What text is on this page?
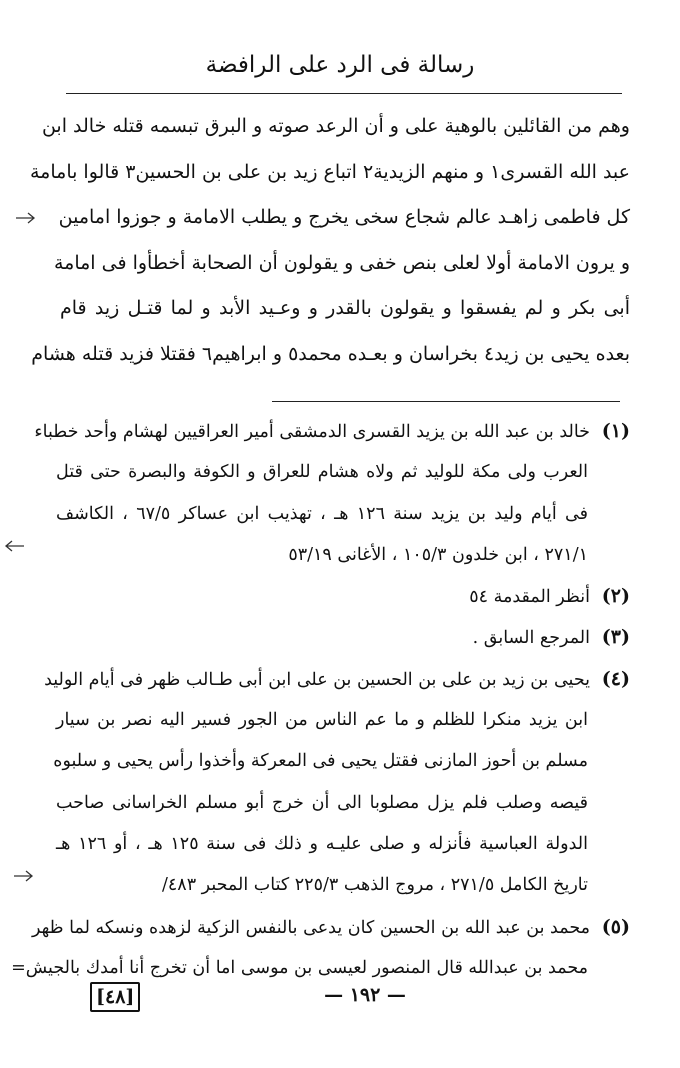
رسالة فى الرد على الرافضة
وهم من القائلين بالوهية على و أن الرعد صوته و البرق تبسمه قتله خالد ابن
عبد الله القسرى١ و منهم الزيدية٢ اتباع زيد بن على بن الحسين٣ قالوا بامامة
كل فاطمى زاهـد عالم شجاع سخى يخرج و يطلب الامامة و جوزوا امامين
و يرون الامامة أولا لعلى بنص خفى و يقولون أن الصحابة أخطأوا فى امامة
أبى بكر و لم يفسقوا و يقولون بالقدر و وعـيد الأبد و لما قتـل زيد قام
بعده يحيى بن زيد٤ بخراسان و بعـده محمد٥ و ابراهيم٦ فقتلا فزيد قتله هشام
(١)خالد بن عبد الله بن يزيد القسرى الدمشقى أمير العراقيين لهشام وأحد خطباء
العرب ولى مكة للوليد ثم ولاه هشام للعراق و الكوفة والبصرة حتى قتل
فى أيام وليد بن يزيد سنة ١٢٦ هـ ، تهذيب ابن عساكر ٦٧/٥ ، الكاشف
٢٧١/١ ، ابن خلدون ١٠٥/٣ ، الأغانى ٥٣/١٩
(٢)أنظر المقدمة ٥٤
(٣)المرجع السابق .
(٤)يحيى بن زيد بن على بن الحسين بن على ابن أبى طـالب ظهر فى أيام الوليد
ابن يزيد منكرا للظلم و ما عم الناس من الجور فسير اليه نصر بن سيار
مسلم بن أحوز المازنى فقتل يحيى فى المعركة وأخذوا رأس يحيى و سلبوه
قيصه وصلب فلم يزل مصلوبا الى أن خرج أبو مسلم الخراسانى صاحب
الدولة العباسية فأنزله و صلى عليـه و ذلك فى سنة ١٢٥ هـ ، أو ١٢٦ هـ
تاريخ الكامل ٢٧١/٥ ، مروج الذهب ٢٢٥/٣ كتاب المحبر ٤٨٣/
(٥)محمد بن عبد الله بن الحسين كان يدعى بالنفس الزكية لزهده ونسكه لما ظهر
محمد بن عبدالله قال المنصور لعيسى بن موسى اما أن تخرج أنا أمدك بالجيش=
[٤٨]	— ١٩٢ —
